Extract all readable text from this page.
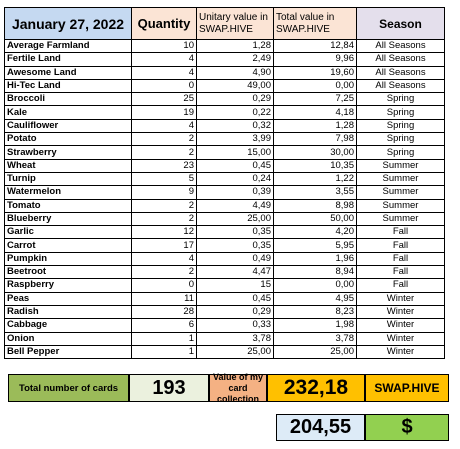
January 27, 2022	Quantity	Unitary value in SWAP.HIVE	Total value in SWAP.HIVE	Season
Average Farmland	10	1,28	12,84	All Seasons
Fertile Land	4	2,49	9,96	All Seasons
Awesome Land	4	4,90	19,60	All Seasons
Hi-Tec Land	0	49,00	0,00	All Seasons
Broccoli	25	0,29	7,25	Spring
Kale	19	0,22	4,18	Spring
Cauliflower	4	0,32	1,28	Spring
Potato	2	3,99	7,98	Spring
Strawberry	2	15,00	30,00	Spring
Wheat	23	0,45	10,35	Summer
Turnip	5	0,24	1,22	Summer
Watermelon	9	0,39	3,55	Summer
Tomato	2	4,49	8,98	Summer
Blueberry	2	25,00	50,00	Summer
Garlic	12	0,35	4,20	Fall
Carrot	17	0,35	5,95	Fall
Pumpkin	4	0,49	1,96	Fall
Beetroot	2	4,47	8,94	Fall
Raspberry	0	15	0,00	Fall
Peas	11	0,45	4,95	Winter
Radish	28	0,29	8,23	Winter
Cabbage	6	0,33	1,98	Winter
Onion	1	3,78	3,78	Winter
Bell Pepper	1	25,00	25,00	Winter
Total number of cards	193	Value of my card collection	232,18	SWAP.HIVE
204,55	$
